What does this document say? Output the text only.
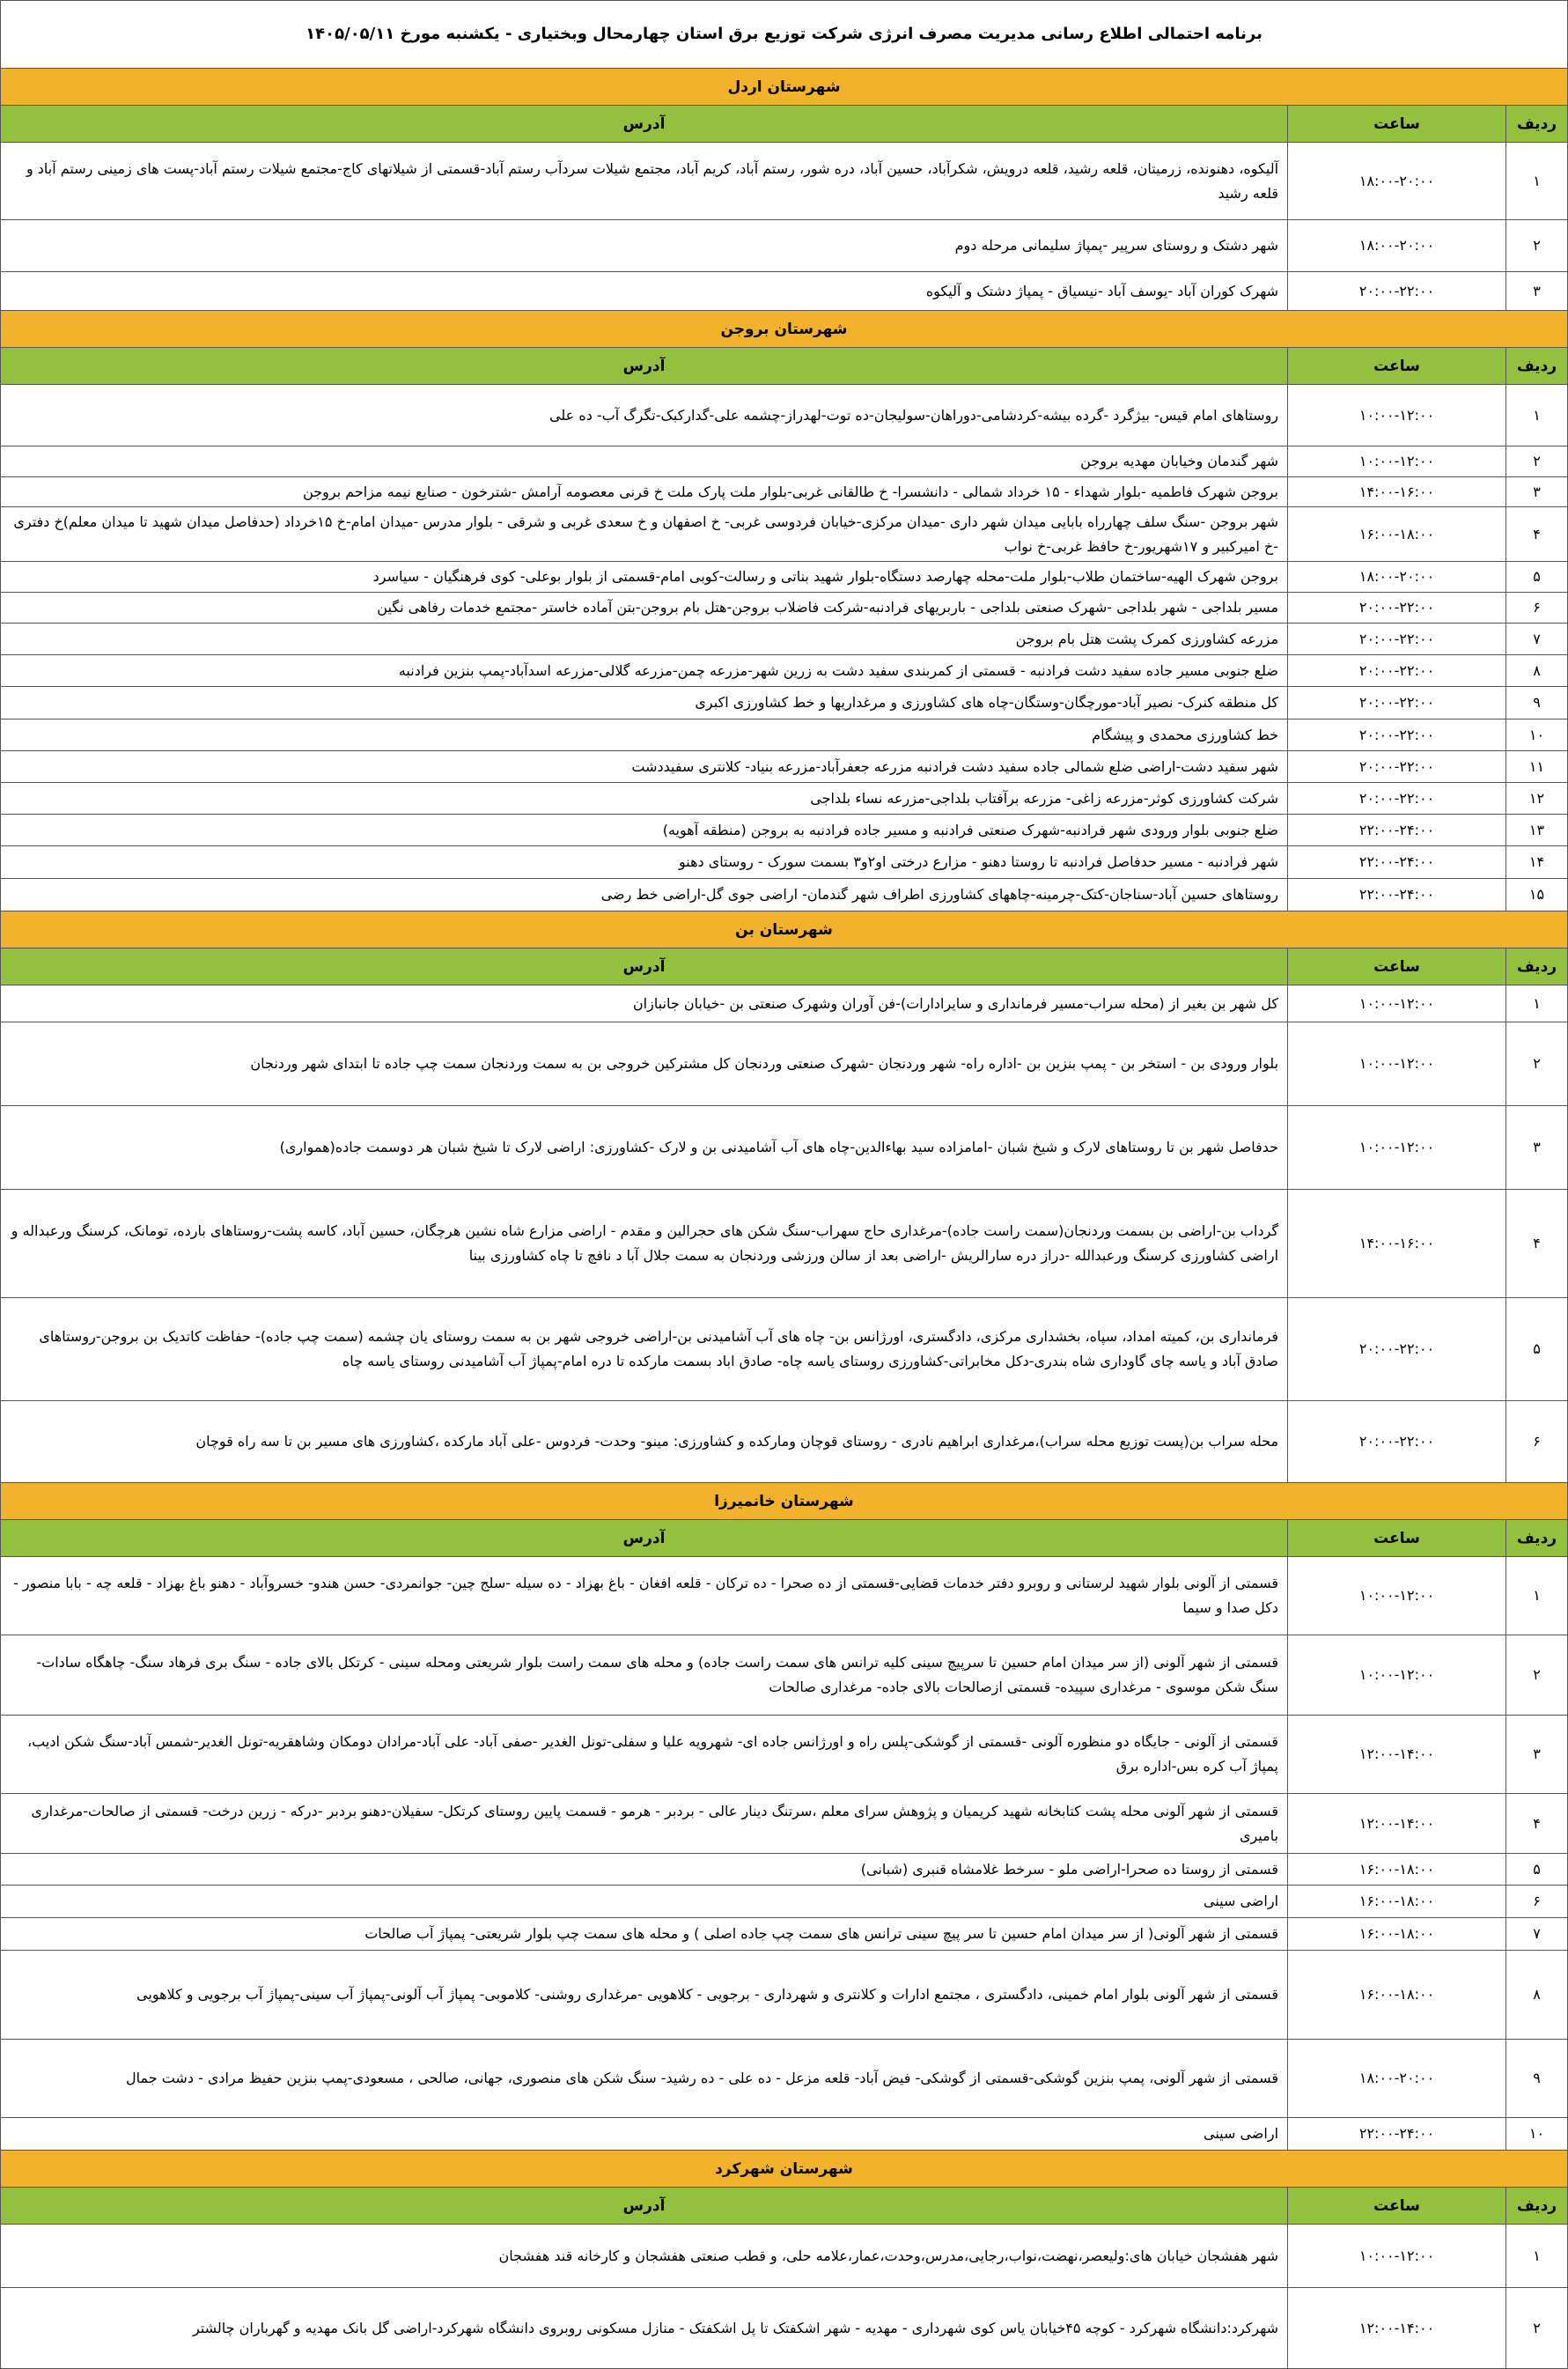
برنامه احتمالی اطلاع رسانی مدیریت مصرف انرژی شرکت توزیع برق استان چهارمحال وبختیاری - یکشنبه مورخ ۱۴۰۵/۰۵/۱۱		
شهرستان اردل		
ردیف	ساعت	آدرس
۱	۱۸:۰۰-۲۰:۰۰	آلیکوه، دهنونده، زرمیتان، قلعه رشید، قلعه درویش، شکرآباد، حسین آباد، دره شور، رستم آباد، کریم آباد، مجتمع شیلات سردآب رستم آباد-قسمتی از شیلاتهای کاج-مجتمع شیلات رستم آباد-پست های زمینی رستم آباد و قلعه رشید
۲	۱۸:۰۰-۲۰:۰۰	شهر دشتک و روستای سرپیر -پمپاژ سلیمانی مرحله دوم
۳	۲۰:۰۰-۲۲:۰۰	شهرک کوران آباد -یوسف آباد -نیسیاق - پمپاژ دشتک و آلیکوه
شهرستان بروجن		
ردیف	ساعت	آدرس
۱	۱۰:۰۰-۱۲:۰۰	روستاهای امام قیس- بیژگرد -گرده بیشه-کردشامی-دوراهان-سولیجان-ده توت-لهدراز-چشمه علی-گدارکبک-تگرگ آب- ده علی
۲	۱۰:۰۰-۱۲:۰۰	شهر گندمان وخیابان مهدیه بروجن
۳	۱۴:۰۰-۱۶:۰۰	بروجن شهرک فاطمیه -بلوار شهداء - ۱۵ خرداد شمالی - دانشسرا- خ طالقانی غربی-بلوار ملت پارک ملت خ قرنی معصومه آرامش -شترخون - صنایع نیمه مزاحم بروجن
۴	۱۶:۰۰-۱۸:۰۰	شهر بروجن -سنگ سلف چهارراه بابایی میدان شهر داری -میدان مرکزی-خیابان فردوسی غربی- خ اصفهان و خ سعدی غربی و شرقی - بلوار مدرس -میدان امام-خ ۱۵خرداد (حدفاصل میدان شهید تا میدان معلم)خ دفتری -خ امیرکبیر و ۱۷شهریور-خ حافظ غربی-خ نواب
۵	۱۸:۰۰-۲۰:۰۰	بروجن شهرک الهیه-ساختمان طلاب-بلوار ملت-محله چهارصد دستگاه-بلوار شهید بناتی و رسالت-کوبی امام-قسمتی از بلوار بوعلی- کوی فرهنگیان - سیاسرد
۶	۲۰:۰۰-۲۲:۰۰	مسیر بلداجی - شهر بلداجی -شهرک صنعتی بلداجی - باربریهای فرادنبه-شرکت فاضلاب بروجن-هتل بام بروجن-بتن آماده خاستر -مجتمع خدمات رفاهی نگین
۷	۲۰:۰۰-۲۲:۰۰	مزرعه کشاورزی کمرک پشت هتل بام بروجن
۸	۲۰:۰۰-۲۲:۰۰	ضلع جنوبی مسیر جاده سفید دشت فرادنبه - قسمتی از کمربندی سفید دشت به زرین شهر-مزرعه چمن-مزرعه گلالی-مزرعه اسدآباد-پمپ بنزین فرادنبه
۹	۲۰:۰۰-۲۲:۰۰	کل منطقه کنرک- نصیر آباد-مورچگان-وستگان-چاه های کشاورزی و مرغداریها و خط کشاورزی اکبری
۱۰	۲۰:۰۰-۲۲:۰۰	خط کشاورزی محمدی و پیشگام
۱۱	۲۰:۰۰-۲۲:۰۰	شهر سفید دشت-اراضی ضلع شمالی جاده سفید دشت فرادنبه مزرعه جعفرآباد-مزرعه بنیاد- کلانتری سفیددشت
۱۲	۲۰:۰۰-۲۲:۰۰	شرکت کشاورزی کوثر-مزرعه زاغی- مزرعه برآفتاب بلداجی-مزرعه نساء بلداجی
۱۳	۲۲:۰۰-۲۴:۰۰	ضلع جنوبی بلوار ورودی شهر فرادنبه-شهرک صنعتی فرادنبه و مسیر جاده فرادنبه به بروجن (منطقه آهویه)
۱۴	۲۲:۰۰-۲۴:۰۰	شهر فرادنبه - مسیر حدفاصل فرادنبه تا روستا دهنو - مزارع درختی او۲و۳ بسمت سورک - روستای دهنو
۱۵	۲۲:۰۰-۲۴:۰۰	روستاهای حسین آباد-سناجان-کتک-چرمینه-چاههای کشاورزی اطراف شهر گندمان- اراضی جوی گل-اراضی خط رضی
شهرستان بن		
ردیف	ساعت	آدرس
۱	۱۰:۰۰-۱۲:۰۰	کل شهر بن بغیر از (محله سراب-مسیر فرمانداری و سایرادارات)-فن آوران وشهرک صنعتی بن -خیابان جانبازان
۲	۱۰:۰۰-۱۲:۰۰	بلوار ورودی بن - استخر بن - پمپ بنزین بن -اداره راه- شهر وردنجان -شهرک صنعتی وردنجان کل مشترکین خروجی بن به سمت وردنجان سمت چپ جاده تا ابتدای شهر وردنجان
۳	۱۰:۰۰-۱۲:۰۰	حدفاصل شهر بن تا روستاهای لارک و شیخ شبان -امامزاده سید بهاءالدین-چاه های آب آشامیدنی بن و لارک -کشاورزی: اراضی لارک تا شیخ شبان هر دوسمت جاده(همواری)
۴	۱۴:۰۰-۱۶:۰۰	گرداب بن-اراضی بن بسمت وردنجان(سمت راست جاده)-مرغداری حاج سهراب-سنگ شکن های حجرالین و مقدم - اراضی مزارع شاه نشین هرچگان، حسین آباد، کاسه پشت-روستاهای بارده، تومانک، کرسنگ ورعبداله و اراضی کشاورزی کرسنگ ورعبدالله -دراز دره سارالریش -اراضی بعد از سالن ورزشی وردنجان به سمت جلال آبا د نافچ تا چاه کشاورزی بینا
۵	۲۰:۰۰-۲۲:۰۰	فرمانداری بن، کمیته امداد، سپاه، بخشداری مرکزی، دادگستری، اورژانس بن- چاه های آب آشامیدنی بن-اراضی خروجی شهر بن به سمت روستای یان چشمه (سمت چپ جاده)- حفاظت کاتدیک بن بروجن-روستاهای صادق آباد و یاسه چای گاوداری شاه بندری-دکل مخابراتی-کشاورزی روستای یاسه چاه- صادق اباد بسمت مارکده تا دره امام-پمپاژ آب آشامیدنی روستای یاسه چاه
۶	۲۰:۰۰-۲۲:۰۰	محله سراب بن(پست توزیع محله سراب)،مرغداری ابراهیم نادری - روستای قوچان ومارکده و کشاورزی: مینو- وحدت- فردوس -علی آباد مارکده ،کشاورزی های مسیر بن تا سه راه قوچان
شهرستان خانمیرزا		
ردیف	ساعت	آدرس
۱	۱۰:۰۰-۱۲:۰۰	قسمتی از آلونی بلوار شهید لرستانی و روبرو دفتر خدمات قضایی-قسمتی از ده صحرا - ده ترکان - قلعه افغان - باغ بهزاد - ده سیله -سلج چین- جوانمردی- حسن هندو- خسروآباد - دهنو باغ بهزاد - قلعه چه - بابا منصور - دکل صدا و سیما
۲	۱۰:۰۰-۱۲:۰۰	قسمتی از شهر آلونی (از سر میدان امام حسین تا سرپیچ سینی کلیه ترانس های سمت راست جاده) و محله های سمت راست بلوار شریعتی ومحله سینی - کرتکل بالای جاده - سنگ بری فرهاد سنگ- چاهگاه سادات- سنگ شکن موسوی - مرغداری سپیده- قسمتی ازصالحات بالای جاده- مرغداری صالحات
۳	۱۲:۰۰-۱۴:۰۰	قسمتی از آلونی - جایگاه دو منظوره آلونی -قسمتی از گوشکی-پلس راه و اورژانس جاده ای- شهرویه علیا و سفلی-تونل الغدیر -صفی آباد- علی آباد-مرادان دومکان وشاهقریه-تونل الغدیر-شمس آباد-سنگ شکن ادیب، پمپاژ آب کره بس-اداره برق
۴	۱۲:۰۰-۱۴:۰۰	قسمتی از شهر آلونی محله پشت کتابخانه شهید کریمیان و پژوهش سرای معلم ،سرتنگ دینار عالی - بردبر - هرمو - قسمت پایین روستای کرتکل- سفیلان-دهنو بردبر -درکه - زرین درخت- قسمتی از صالحات-مرغداری بامیری
۵	۱۶:۰۰-۱۸:۰۰	قسمتی از روستا ده صحرا-اراضی ملو - سرخط غلامشاه قنبری (شبانی)
۶	۱۶:۰۰-۱۸:۰۰	اراضی سینی
۷	۱۶:۰۰-۱۸:۰۰	قسمتی از شهر آلونی( از سر میدان امام حسین تا سر پیچ سینی ترانس های سمت چپ جاده اصلی ) و محله های سمت چپ بلوار شریعتی- پمپاژ آب صالحات
۸	۱۶:۰۰-۱۸:۰۰	قسمتی از شهر آلونی بلوار امام خمینی، دادگستری ، مجتمع ادارات و کلانتری و شهرداری - برجویی - کلاهویی -مرغداری روشنی- کلاموبی- پمپاژ آب آلونی-پمپاژ آب سینی-پمپاژ آب برجویی و کلاهویی
۹	۱۸:۰۰-۲۰:۰۰	قسمتی از شهر آلونی، پمپ بنزین گوشکی-قسمتی از گوشکی- فیض آباد- قلعه مزعل - ده علی - ده رشید- سنگ شکن های منصوری، جهانی، صالحی ، مسعودی-پمپ بنزین حفیظ مرادی - دشت جمال
۱۰	۲۲:۰۰-۲۴:۰۰	اراضی سینی
شهرستان شهرکرد		
ردیف	ساعت	آدرس
۱	۱۰:۰۰-۱۲:۰۰	شهر هفشجان خیابان های:ولیعصر،نهضت،نواب،رجایی،مدرس،وحدت،عمار،علامه حلی، و قطب صنعتی هفشجان و کارخانه قند هفشجان
۲	۱۲:۰۰-۱۴:۰۰	شهرکرد:دانشگاه شهرکرد - کوچه ۴۵خیابان یاس کوی شهرداری - مهدیه - شهر اشکفتک تا پل اشکفتک - منازل مسکونی روبروی دانشگاه شهرکرد-اراضی گل بانک مهدیه و گهرباران چالشتر
